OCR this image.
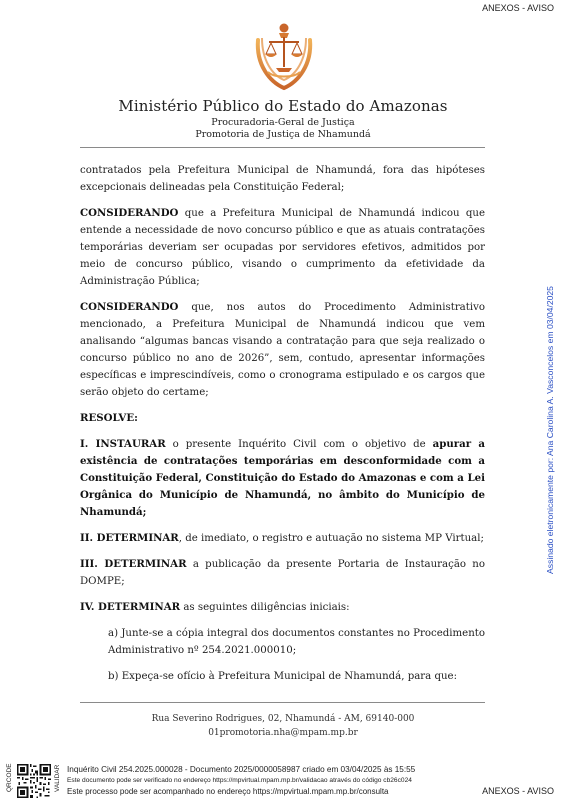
ANEXOS - AVISO
Ministério Público do Estado do Amazonas
Procuradoria-Geral de Justiça
Promotoria de Justiça de Nhamundá

contratados pela Prefeitura Municipal de Nhamundá, fora das hipóteses excepcionais delineadas pela Constituição Federal;

CONSIDERANDO que a Prefeitura Municipal de Nhamundá indicou que entende a necessidade de novo concurso público e que as atuais contratações temporárias deveriam ser ocupadas por servidores efetivos, admitidos por meio de concurso público, visando o cumprimento da efetividade da Administração Pública;

CONSIDERANDO que, nos autos do Procedimento Administrativo mencionado, a Prefeitura Municipal de Nhamundá indicou que vem analisando “algumas bancas visando a contratação para que seja realizado o concurso público no ano de 2026”, sem, contudo, apresentar informações específicas e imprescindíveis, como o cronograma estipulado e os cargos que serão objeto do certame;

RESOLVE:

I. INSTAURAR o presente Inquérito Civil com o objetivo de apurar a existência de contratações temporárias em desconformidade com a Constituição Federal, Constituição do Estado do Amazonas e com a Lei Orgânica do Município de Nhamundá, no âmbito do Município de Nhamundá;

II. DETERMINAR, de imediato, o registro e autuação no sistema MP Virtual;

III. DETERMINAR a publicação da presente Portaria de Instauração no DOMPE;

IV. DETERMINAR as seguintes diligências iniciais:

a) Junte-se a cópia integral dos documentos constantes no Procedimento Administrativo nº 254.2021.000010;

b) Expeça-se ofício à Prefeitura Municipal de Nhamundá, para que:

Rua Severino Rodrigues, 02, Nhamundá - AM, 69140-000
01promotoria.nha@mpam.mp.br
Assinado eletronicamente por: Ana Carolina A. Vasconcelos em 03/04/2025
QRCODE	VALIDAR Inquérito Civil 254.2025.000028 - Documento 2025/0000058987 criado em 03/04/2025 às 15:55
Este documento pode ser verificado no endereço https://mpvirtual.mpam.mp.br/validacao através do código cb26c024
Este processo pode ser acompanhado no endereço https://mpvirtual.mpam.mp.br/consulta	ANEXOS - AVISO
